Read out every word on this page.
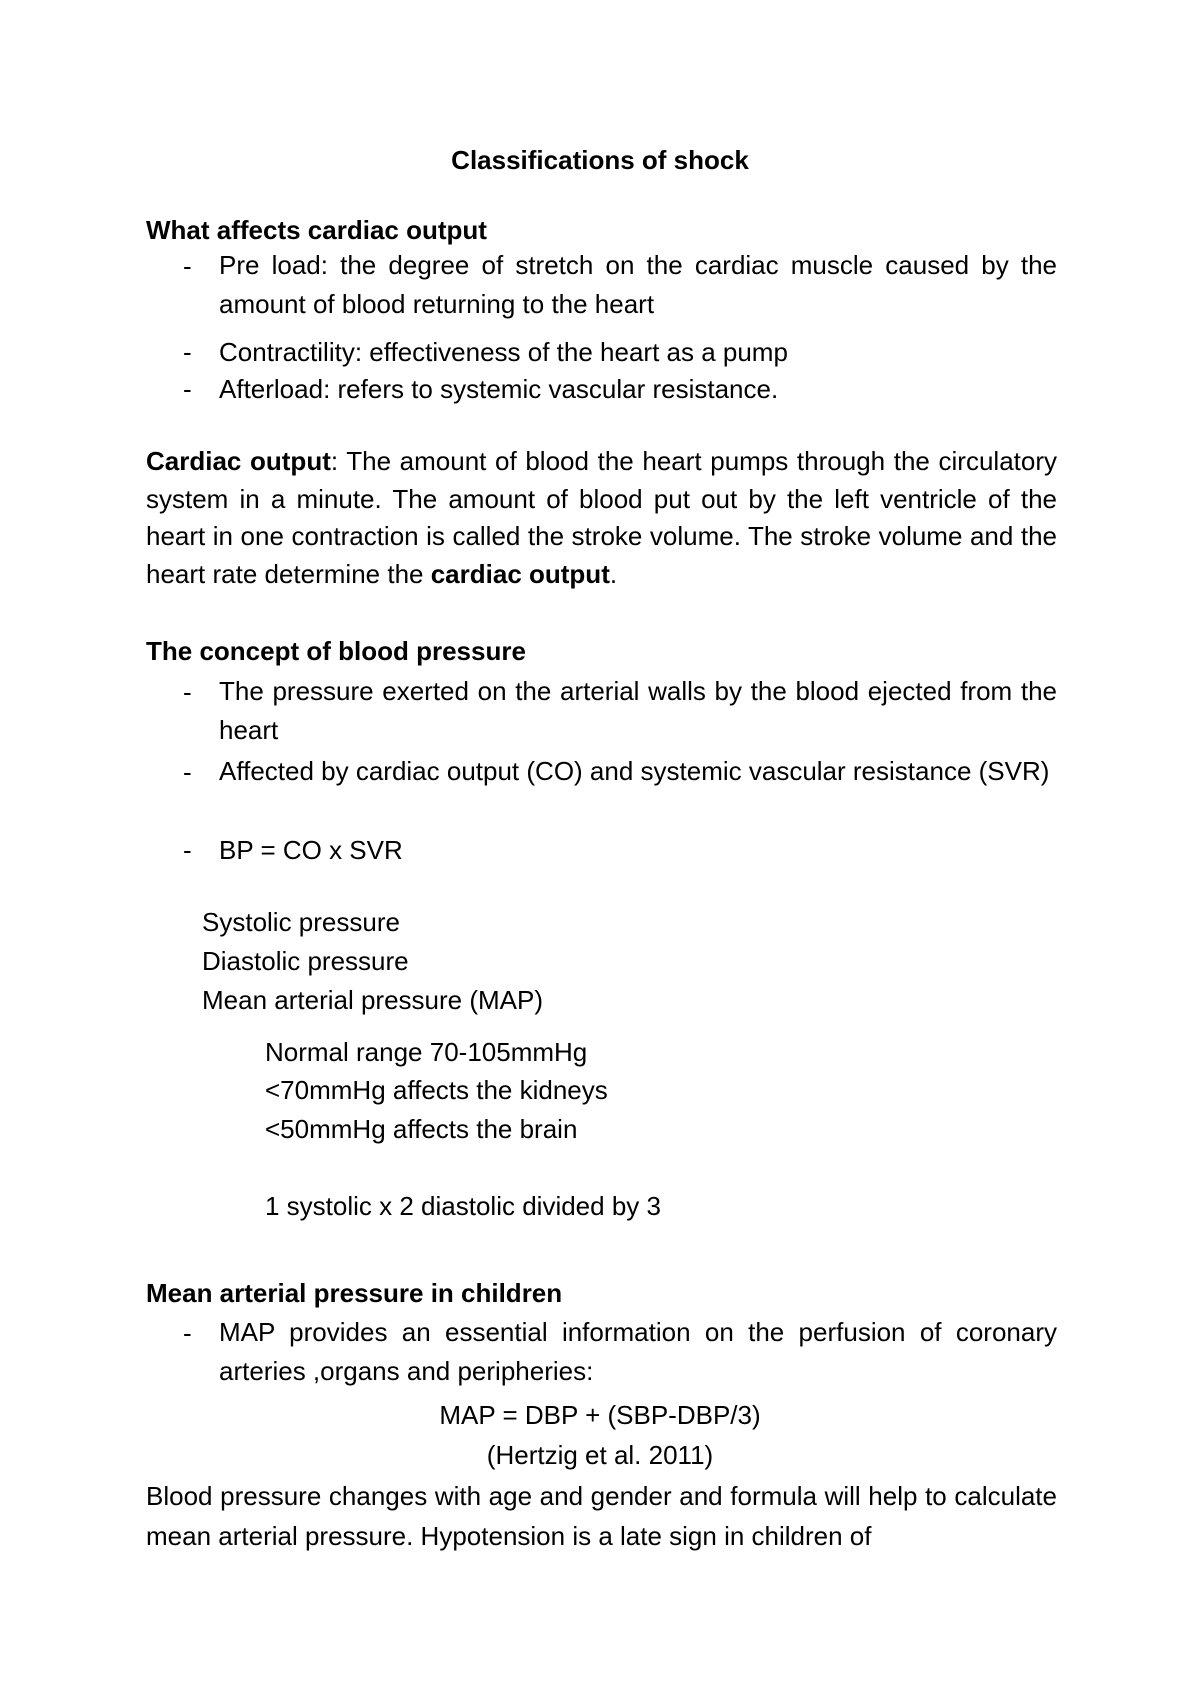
Classifications of shock
What affects cardiac output
-	Pre load: the degree of stretch on the cardiac muscle caused by the amount of blood returning to the heart
-	Contractility: effectiveness of the heart as a pump
-	Afterload: refers to systemic vascular resistance.
Cardiac output: The amount of blood the heart pumps through the circulatory system in a minute. The amount of blood put out by the left ventricle of the heart in one contraction is called the stroke volume. The stroke volume and the heart rate determine the cardiac output.
The concept of blood pressure
-	The pressure exerted on the arterial walls by the blood ejected from the heart
-	Affected by cardiac output (CO) and systemic vascular resistance (SVR)
-	BP = CO x SVR
Systolic pressure
Diastolic pressure
Mean arterial pressure (MAP)
Normal range 70-105mmHg
<70mmHg affects the kidneys
<50mmHg affects the brain
1 systolic x 2 diastolic divided by 3
Mean arterial pressure in children
-	MAP provides an essential information on the perfusion of coronary arteries ,organs and peripheries:
MAP = DBP + (SBP-DBP/3)
(Hertzig et al. 2011)
Blood pressure changes with age and gender and formula will help to calculate mean arterial pressure. Hypotension is a late sign in children of
